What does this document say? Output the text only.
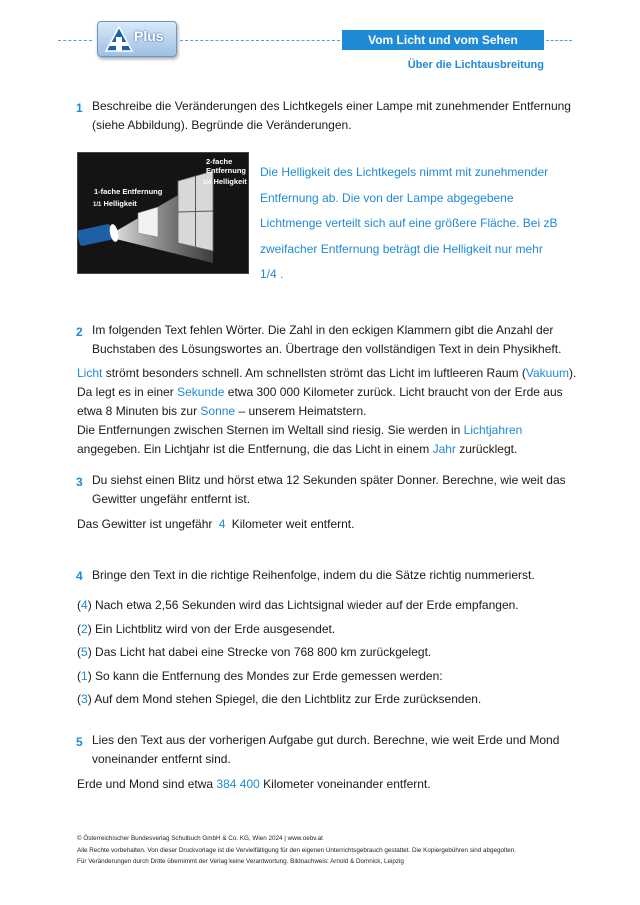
Plus	Vom Licht und vom Sehen
Über die Lichtausbreitung
1 Beschreibe die Veränderungen des Lichtkegels einer Lampe mit zunehmender Entfernung (siehe Abbildung). Begründe die Veränderungen.
1-fache Entfernung
1/1 Helligkeit
2-fache
Entfernung
1/4 Helligkeit
Die Helligkeit des Lichtkegels nimmt mit zunehmender Entfernung ab. Die von der Lampe abgegebene Lichtmenge verteilt sich auf eine größere Fläche. Bei zB zweifacher Entfernung beträgt die Helligkeit nur mehr 1/4 .
2 Im folgenden Text fehlen Wörter. Die Zahl in den eckigen Klammern gibt die Anzahl der Buchstaben des Lösungswortes an. Übertrage den vollständigen Text in dein Physikheft.
Licht strömt besonders schnell. Am schnellsten strömt das Licht im luftleeren Raum (Vakuum). Da legt es in einer Sekunde etwa 300 000 Kilometer zurück. Licht braucht von der Erde aus etwa 8 Minuten bis zur Sonne – unserem Heimatstern.
Die Entfernungen zwischen Sternen im Weltall sind riesig. Sie werden in Lichtjahren angegeben. Ein Lichtjahr ist die Entfernung, die das Licht in einem Jahr zurücklegt.
3 Du siehst einen Blitz und hörst etwa 12 Sekunden später Donner. Berechne, wie weit das Gewitter ungefähr entfernt ist.
Das Gewitter ist ungefähr 4 Kilometer weit entfernt.
4 Bringe den Text in die richtige Reihenfolge, indem du die Sätze richtig nummerierst.
(4) Nach etwa 2,56 Sekunden wird das Lichtsignal wieder auf der Erde empfangen.
(2) Ein Lichtblitz wird von der Erde ausgesendet.
(5) Das Licht hat dabei eine Strecke von 768 800 km zurückgelegt.
(1) So kann die Entfernung des Mondes zur Erde gemessen werden:
(3) Auf dem Mond stehen Spiegel, die den Lichtblitz zur Erde zurücksenden.
5 Lies den Text aus der vorherigen Aufgabe gut durch. Berechne, wie weit Erde und Mond voneinander entfernt sind.
Erde und Mond sind etwa 384 400 Kilometer voneinander entfernt.
© Österreichischer Bundesverlag Schulbuch GmbH & Co. KG, Wien 2024 | www.oebv.at
Alle Rechte vorbehalten. Von dieser Druckvorlage ist die Vervielfältigung für den eigenen Unterrichtsgebrauch gestattet. Die Kopiergebühren sind abgegolten.
Für Veränderungen durch Dritte übernimmt der Verlag keine Verantwortung. Bildnachweis: Arnold & Domnick, Leipzig
